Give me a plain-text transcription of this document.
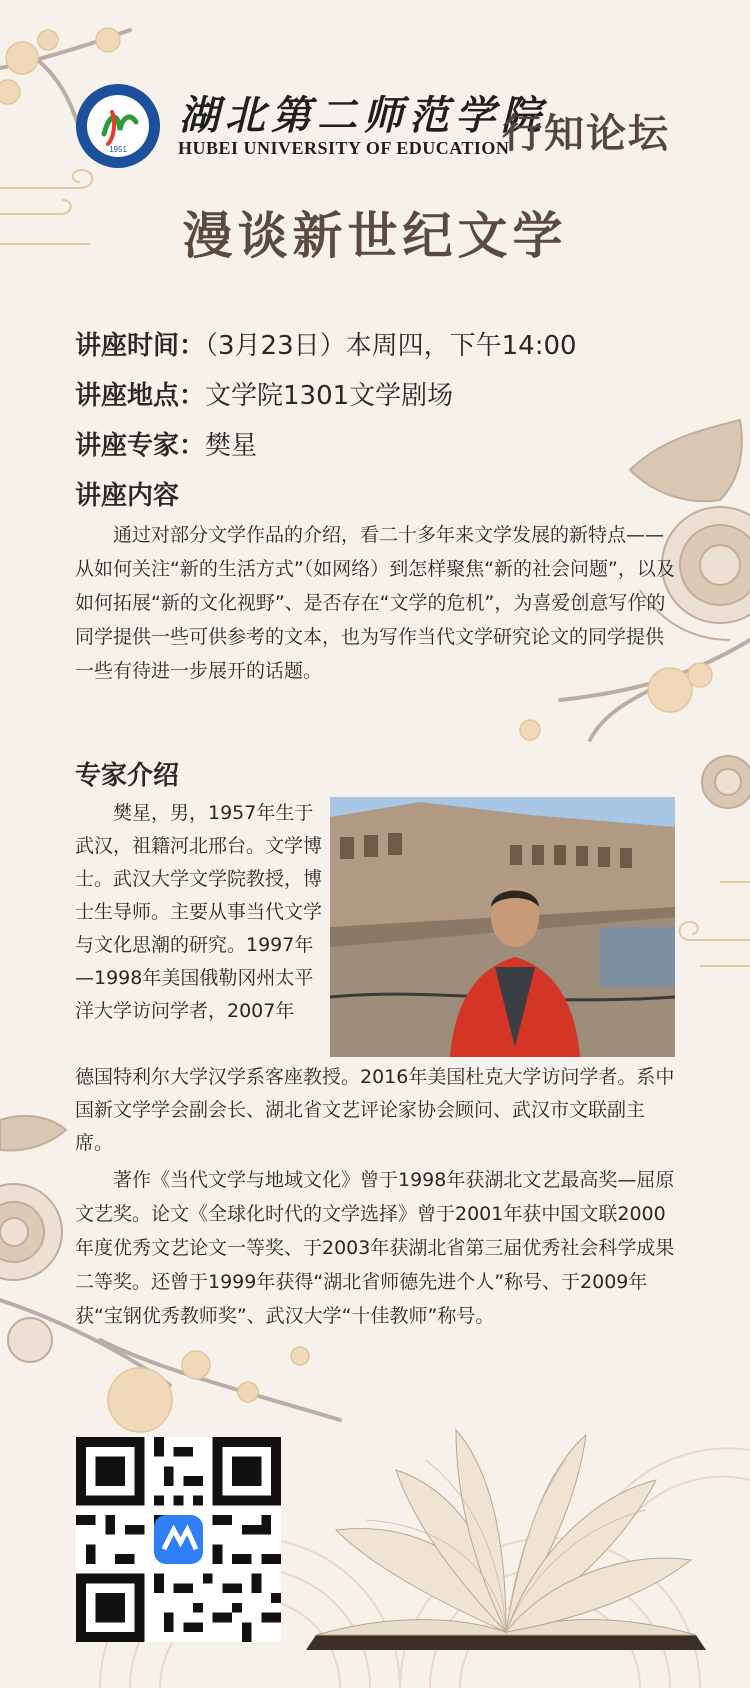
1951
湖北第二师范学院
HUBEI UNIVERSITY OF EDUCATION
行知论坛
漫谈新世纪文学
讲座时间：（3月23日）本周四，下午14:00
讲座地点：文学院1301文学剧场
讲座专家：樊星
讲座内容
通过对部分文学作品的介绍，看二十多年来文学发展的新特点——从如何关注“新的生活方式”（如网络）到怎样聚焦“新的社会问题”，以及如何拓展“新的文化视野”、是否存在“文学的危机”，为喜爱创意写作的同学提供一些可供参考的文本，也为写作当代文学研究论文的同学提供一些有待进一步展开的话题。
专家介绍
樊星，男，1957年生于武汉，祖籍河北邢台。文学博士。武汉大学文学院教授，博士生导师。主要从事当代文学与文化思潮的研究。1997年—1998年美国俄勒冈州太平洋大学访问学者，2007年
德国特利尔大学汉学系客座教授。2016年美国杜克大学访问学者。系中国新文学学会副会长、湖北省文艺评论家协会顾问、武汉市文联副主席。
著作《当代文学与地域文化》曾于1998年获湖北文艺最高奖—屈原文艺奖。论文《全球化时代的文学选择》曾于2001年获中国文联2000年度优秀文艺论文一等奖、于2003年获湖北省第三届优秀社会科学成果二等奖。还曾于1999年获得“湖北省师德先进个人”称号、于2009年获“宝钢优秀教师奖”、武汉大学“十佳教师”称号。
